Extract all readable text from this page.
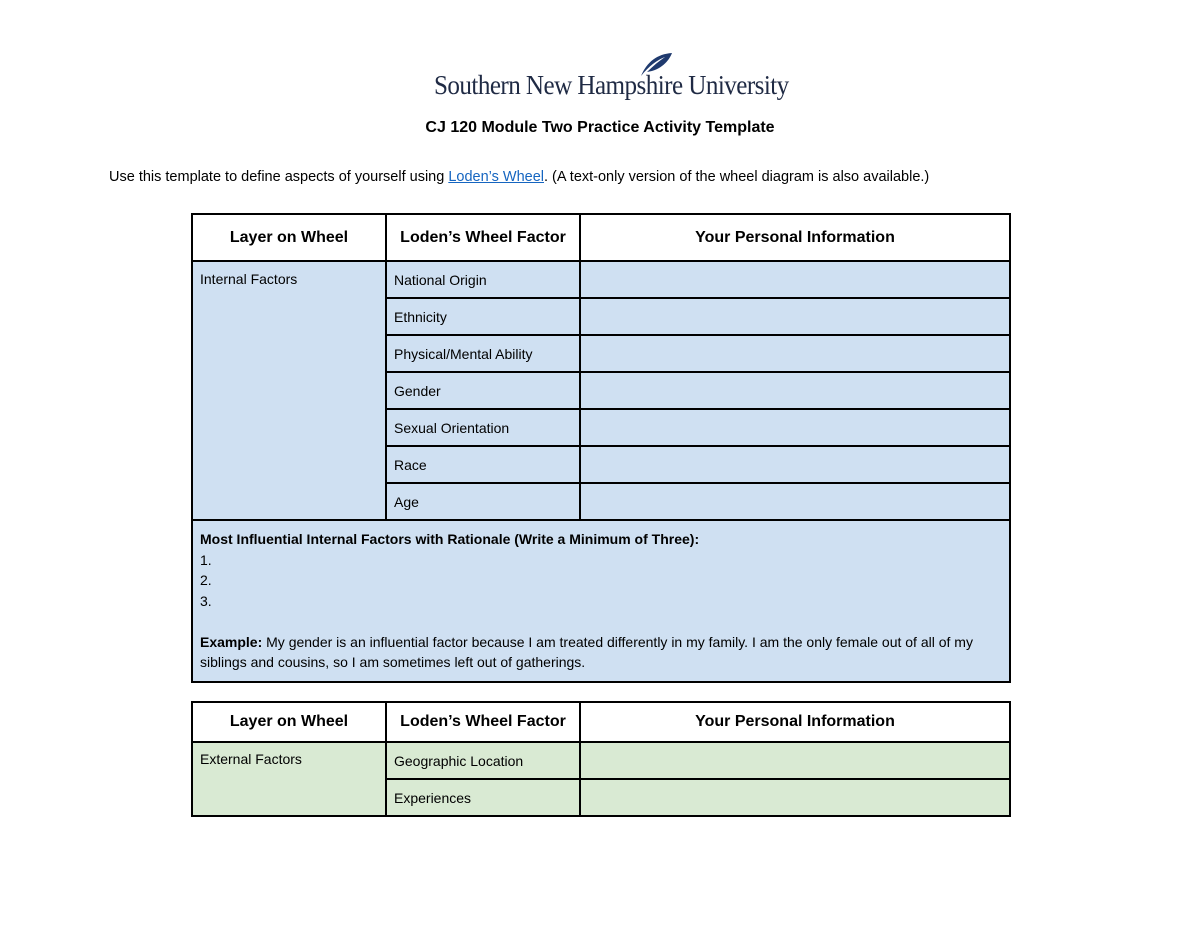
Southern New Hampshire University
CJ 120 Module Two Practice Activity Template
Use this template to define aspects of yourself using Loden’s Wheel. (A text-only version of the wheel diagram is also available.)
Layer on Wheel	Loden’s Wheel Factor	Your Personal Information

Internal Factors	National Origin	
	Ethnicity	
	Physical/Mental Ability	
	Gender	
	Sexual Orientation	
	Race	
	Age	
Most Influential Internal Factors with Rationale (Write a Minimum of Three):
1.
2.
3.

Example: My gender is an influential factor because I am treated differently in my family. I am the only female out of all of my siblings and cousins, so I am sometimes left out of gatherings.		
Layer on Wheel	Loden’s Wheel Factor	Your Personal Information

External Factors	Geographic Location	
	Experiences	
